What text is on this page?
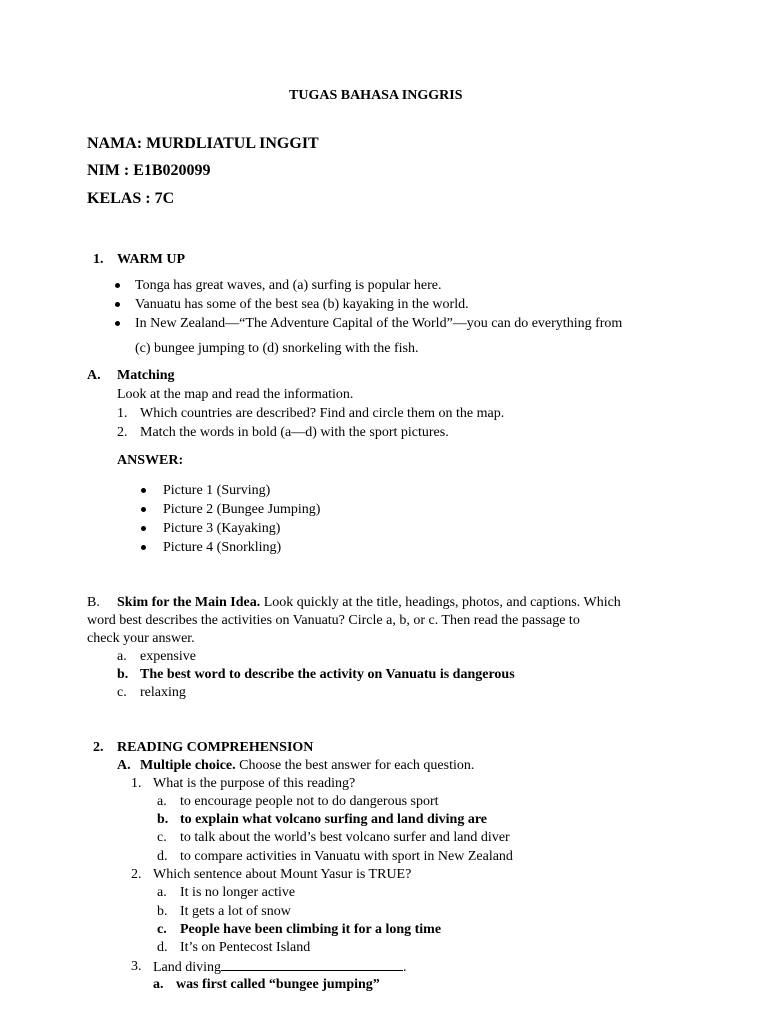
TUGAS BAHASA INGGRIS
NAMA: MURDLIATUL INGGIT
NIM : E1B020099
KELAS : 7C
1. WARM UP
Tonga has great waves, and (a) surfing is popular here.
Vanuatu has some of the best sea (b) kayaking in the world.
In New Zealand—“The Adventure Capital of the World”—you can do everything from
(c) bungee jumping to (d) snorkeling with the fish.
A. Matching
Look at the map and read the information.
1. Which countries are described? Find and circle them on the map.
2. Match the words in bold (a—d) with the sport pictures.
ANSWER:
Picture 1 (Surving)
Picture 2 (Bungee Jumping)
Picture 3 (Kayaking)
Picture 4 (Snorkling)
B. Skim for the Main Idea. Look quickly at the title, headings, photos, and captions. Which
word best describes the activities on Vanuatu? Circle a, b, or c. Then read the passage to
check your answer.
a. expensive
b. The best word to describe the activity on Vanuatu is dangerous
c. relaxing
2. READING COMPREHENSION
A. Multiple choice. Choose the best answer for each question.
1. What is the purpose of this reading?
a. to encourage people not to do dangerous sport
b. to explain what volcano surfing and land diving are
c. to talk about the world’s best volcano surfer and land diver
d. to compare activities in Vanuatu with sport in New Zealand
2. Which sentence about Mount Yasur is TRUE?
a. It is no longer active
b. It gets a lot of snow
c. People have been climbing it for a long time
d. It’s on Pentecost Island
3. Land diving	.
a. was first called “bungee jumping”
